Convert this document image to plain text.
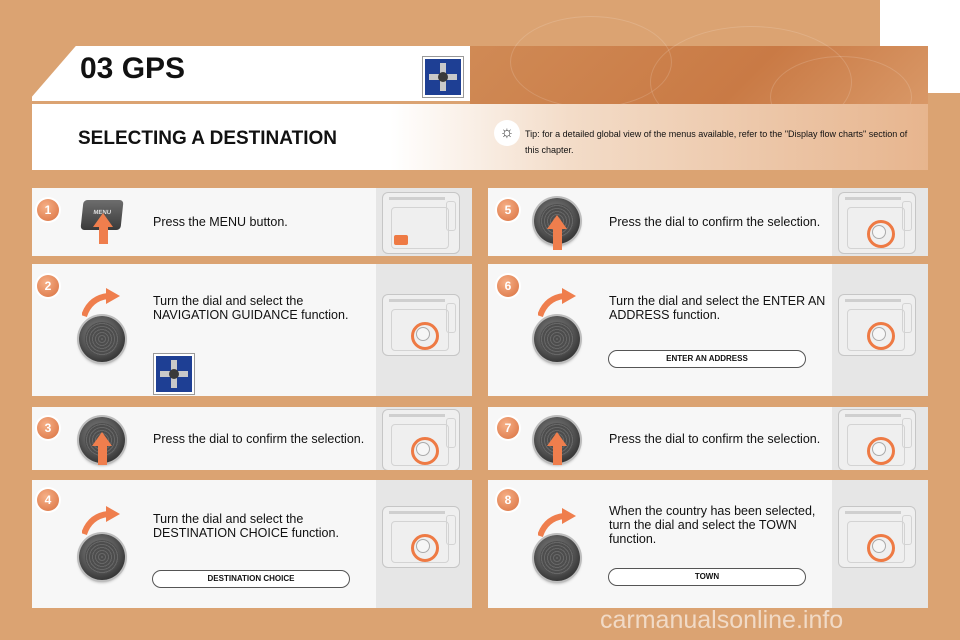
03 GPS
SELECTING A DESTINATION	☼	Tip: for a detailed global view of the menus available, refer to the "Display flow charts" section of this chapter.
MENU
Press the MENU button.
1
Turn the dial and select the NAVIGATION GUIDANCE function.
2
Press the dial to confirm the selection.
3
Turn the dial and select the DESTINATION CHOICE function.
DESTINATION CHOICE
4
Press the dial to confirm the selection.
5
Turn the dial and select the ENTER AN ADDRESS function.
ENTER AN ADDRESS
6
Press the dial to confirm the selection.
7
When the country has been selected, turn the dial and select the TOWN function.
TOWN
8
carmanualsonline.info
